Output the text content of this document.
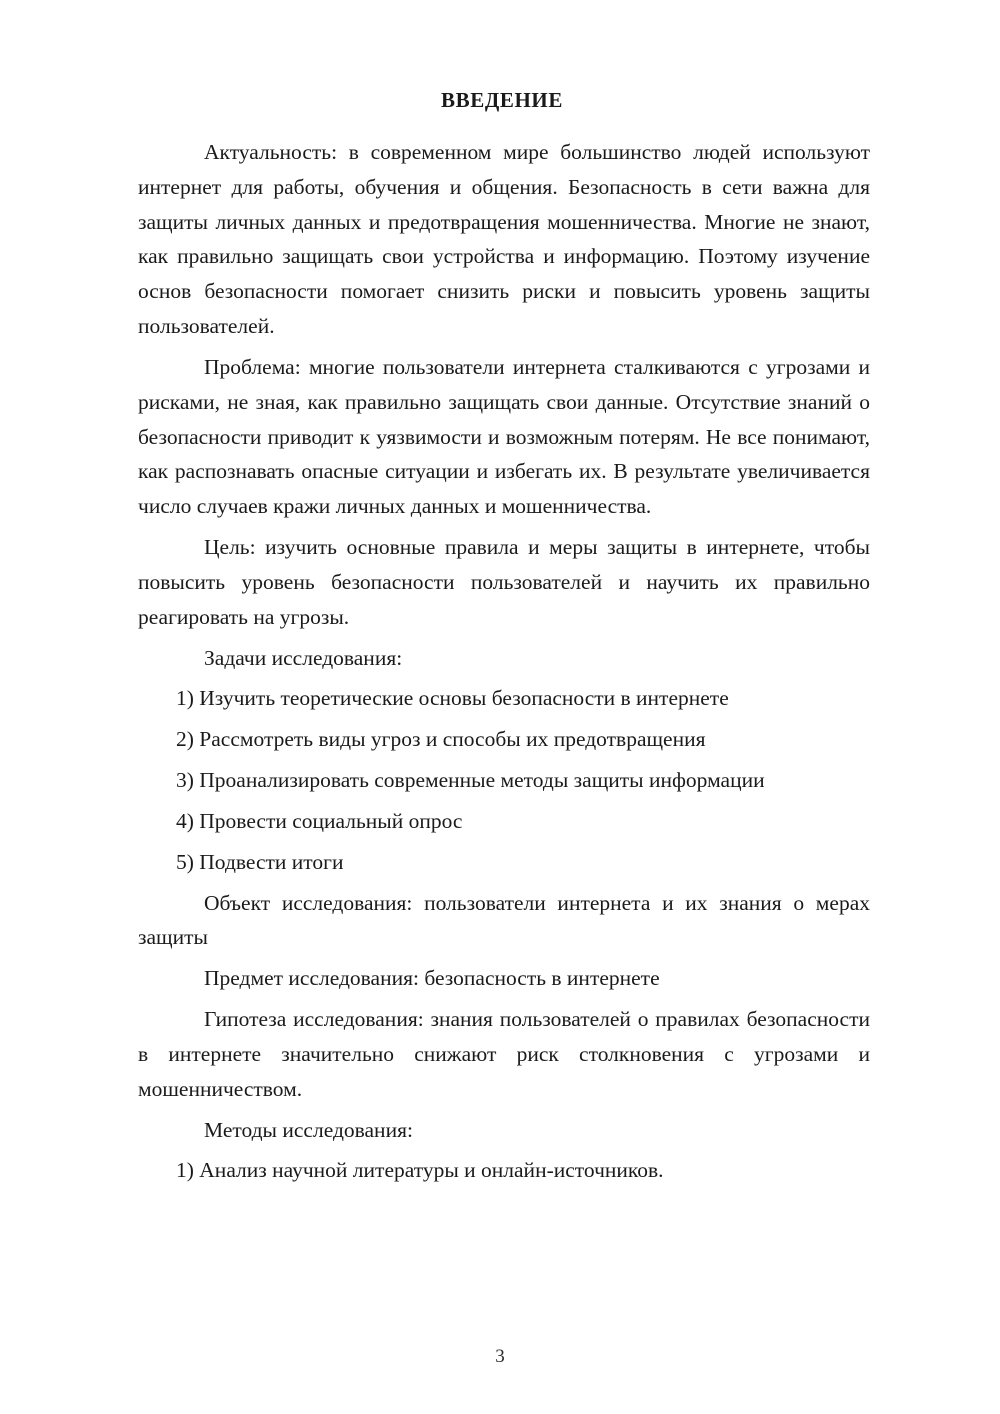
ВВЕДЕНИЕ

Актуальность: в современном мире большинство людей используют интернет для работы, обучения и общения. Безопасность в сети важна для защиты личных данных и предотвращения мошенничества. Многие не знают, как правильно защищать свои устройства и информацию. Поэтому изучение основ безопасности помогает снизить риски и повысить уровень защиты пользователей.

Проблема: многие пользователи интернета сталкиваются с угрозами и рисками, не зная, как правильно защищать свои данные. Отсутствие знаний о безопасности приводит к уязвимости и возможным потерям. Не все понимают, как распознавать опасные ситуации и избегать их. В результате увеличивается число случаев кражи личных данных и мошенничества.

Цель: изучить основные правила и меры защиты в интернете, чтобы повысить уровень безопасности пользователей и научить их правильно реагировать на угрозы.

Задачи исследования:

1) Изучить теоретические основы безопасности в интернете
2) Рассмотреть виды угроз и способы их предотвращения
3) Проанализировать современные методы защиты информации
4) Провести социальный опрос
5) Подвести итоги

Объект исследования: пользователи интернета и их знания о мерах защиты

Предмет исследования: безопасность в интернете

Гипотеза исследования: знания пользователей о правилах безопасности в интернете значительно снижают риск столкновения с угрозами и мошенничеством.

Методы исследования:

1) Анализ научной литературы и онлайн-источников.
3
